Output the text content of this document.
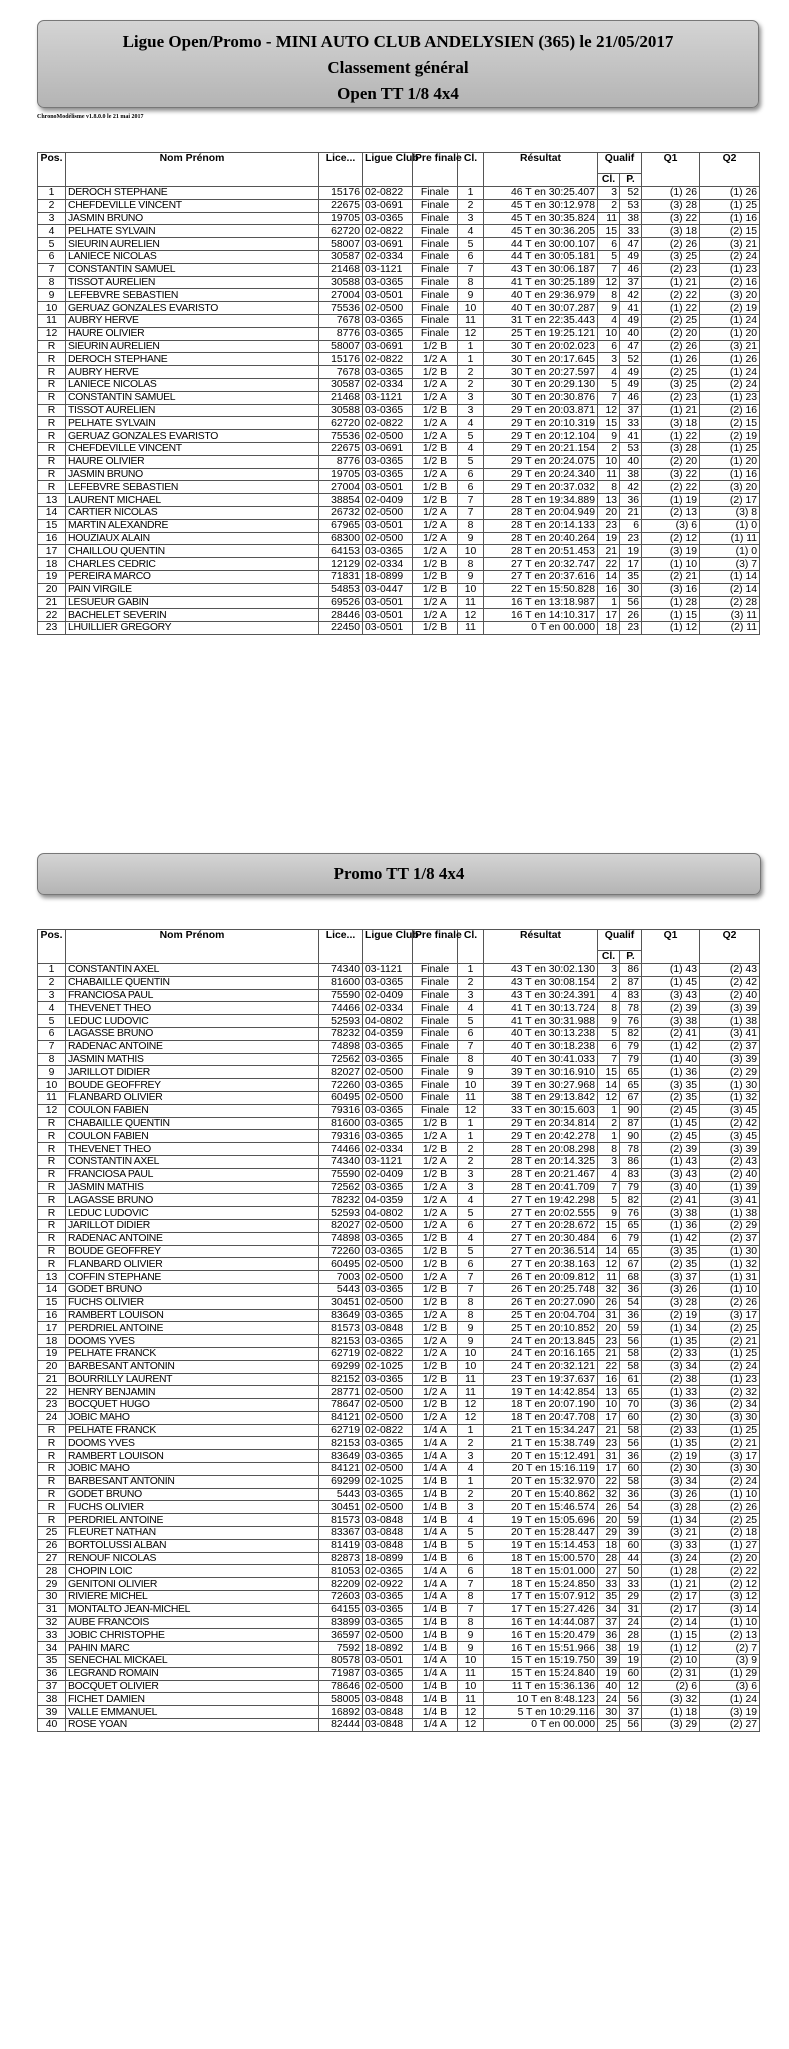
Ligue Open/Promo - MINI AUTO CLUB ANDELYSIEN (365) le 21/05/2017
Classement général
Open TT 1/8 4x4
ChronoModélisme v1.8.0.0 le 21 mai 2017
Pos.	Nom Prénom	Lice...	Ligue Club	Pre finale	Cl.	Résultat	Qualif		Q1	Q2
							Cl.	P.		
1	DEROCH STEPHANE	15176	02-0822	Finale	1	46 T en 30:25.407	3	52	(1) 26	(1) 26
2	CHEFDEVILLE VINCENT	22675	03-0691	Finale	2	45 T en 30:12.978	2	53	(3) 28	(1) 25
3	JASMIN BRUNO	19705	03-0365	Finale	3	45 T en 30:35.824	11	38	(3) 22	(1) 16
4	PELHATE SYLVAIN	62720	02-0822	Finale	4	45 T en 30:36.205	15	33	(3) 18	(2) 15
5	SIEURIN AURELIEN	58007	03-0691	Finale	5	44 T en 30:00.107	6	47	(2) 26	(3) 21
6	LANIECE NICOLAS	30587	02-0334	Finale	6	44 T en 30:05.181	5	49	(3) 25	(2) 24
7	CONSTANTIN SAMUEL	21468	03-1121	Finale	7	43 T en 30:06.187	7	46	(2) 23	(1) 23
8	TISSOT AURELIEN	30588	03-0365	Finale	8	41 T en 30:25.189	12	37	(1) 21	(2) 16
9	LEFEBVRE SEBASTIEN	27004	03-0501	Finale	9	40 T en 29:36.979	8	42	(2) 22	(3) 20
10	GERUAZ GONZALES EVARISTO	75536	02-0500	Finale	10	40 T en 30:07.287	9	41	(1) 22	(2) 19
11	AUBRY HERVE	7678	03-0365	Finale	11	31 T en 22:35.443	4	49	(2) 25	(1) 24
12	HAURE OLIVIER	8776	03-0365	Finale	12	25 T en 19:25.121	10	40	(2) 20	(1) 20
R	SIEURIN AURELIEN	58007	03-0691	1/2 B	1	30 T en 20:02.023	6	47	(2) 26	(3) 21
R	DEROCH STEPHANE	15176	02-0822	1/2 A	1	30 T en 20:17.645	3	52	(1) 26	(1) 26
R	AUBRY HERVE	7678	03-0365	1/2 B	2	30 T en 20:27.597	4	49	(2) 25	(1) 24
R	LANIECE NICOLAS	30587	02-0334	1/2 A	2	30 T en 20:29.130	5	49	(3) 25	(2) 24
R	CONSTANTIN SAMUEL	21468	03-1121	1/2 A	3	30 T en 20:30.876	7	46	(2) 23	(1) 23
R	TISSOT AURELIEN	30588	03-0365	1/2 B	3	29 T en 20:03.871	12	37	(1) 21	(2) 16
R	PELHATE SYLVAIN	62720	02-0822	1/2 A	4	29 T en 20:10.319	15	33	(3) 18	(2) 15
R	GERUAZ GONZALES EVARISTO	75536	02-0500	1/2 A	5	29 T en 20:12.104	9	41	(1) 22	(2) 19
R	CHEFDEVILLE VINCENT	22675	03-0691	1/2 B	4	29 T en 20:21.154	2	53	(3) 28	(1) 25
R	HAURE OLIVIER	8776	03-0365	1/2 B	5	29 T en 20:24.075	10	40	(2) 20	(1) 20
R	JASMIN BRUNO	19705	03-0365	1/2 A	6	29 T en 20:24.340	11	38	(3) 22	(1) 16
R	LEFEBVRE SEBASTIEN	27004	03-0501	1/2 B	6	29 T en 20:37.032	8	42	(2) 22	(3) 20
13	LAURENT MICHAEL	38854	02-0409	1/2 B	7	28 T en 19:34.889	13	36	(1) 19	(2) 17
14	CARTIER NICOLAS	26732	02-0500	1/2 A	7	28 T en 20:04.949	20	21	(2) 13	(3) 8
15	MARTIN ALEXANDRE	67965	03-0501	1/2 A	8	28 T en 20:14.133	23	6	(3) 6	(1) 0
16	HOUZIAUX ALAIN	68300	02-0500	1/2 A	9	28 T en 20:40.264	19	23	(2) 12	(1) 11
17	CHAILLOU QUENTIN	64153	03-0365	1/2 A	10	28 T en 20:51.453	21	19	(3) 19	(1) 0
18	CHARLES CEDRIC	12129	02-0334	1/2 B	8	27 T en 20:32.747	22	17	(1) 10	(3) 7
19	PEREIRA MARCO	71831	18-0899	1/2 B	9	27 T en 20:37.616	14	35	(2) 21	(1) 14
20	PAIN VIRGILE	54853	03-0447	1/2 B	10	22 T en 15:50.828	16	30	(3) 16	(2) 14
21	LESUEUR GABIN	69526	03-0501	1/2 A	11	16 T en 13:18.987	1	56	(1) 28	(2) 28
22	BACHELET SEVERIN	28446	03-0501	1/2 A	12	16 T en 14:10.317	17	26	(1) 15	(3) 11
23	LHUILLIER GREGORY	22450	03-0501	1/2 B	11	0 T en 00.000	18	23	(1) 12	(2) 11
Promo TT 1/8 4x4
Pos.	Nom Prénom	Lice...	Ligue Club	Pre finale	Cl.	Résultat	Qualif		Q1	Q2
							Cl.	P.		
1	CONSTANTIN AXEL	74340	03-1121	Finale	1	43 T en 30:02.130	3	86	(1) 43	(2) 43
2	CHABAILLE QUENTIN	81600	03-0365	Finale	2	43 T en 30:08.154	2	87	(1) 45	(2) 42
3	FRANCIOSA PAUL	75590	02-0409	Finale	3	43 T en 30:24.391	4	83	(3) 43	(2) 40
4	THEVENET THEO	74466	02-0334	Finale	4	41 T en 30:13.724	8	78	(2) 39	(3) 39
5	LEDUC LUDOVIC	52593	04-0802	Finale	5	41 T en 30:31.988	9	76	(3) 38	(1) 38
6	LAGASSE BRUNO	78232	04-0359	Finale	6	40 T en 30:13.238	5	82	(2) 41	(3) 41
7	RADENAC ANTOINE	74898	03-0365	Finale	7	40 T en 30:18.238	6	79	(1) 42	(2) 37
8	JASMIN MATHIS	72562	03-0365	Finale	8	40 T en 30:41.033	7	79	(1) 40	(3) 39
9	JARILLOT DIDIER	82027	02-0500	Finale	9	39 T en 30:16.910	15	65	(1) 36	(2) 29
10	BOUDE GEOFFREY	72260	03-0365	Finale	10	39 T en 30:27.968	14	65	(3) 35	(1) 30
11	FLANBARD OLIVIER	60495	02-0500	Finale	11	38 T en 29:13.842	12	67	(2) 35	(1) 32
12	COULON FABIEN	79316	03-0365	Finale	12	33 T en 30:15.603	1	90	(2) 45	(3) 45
R	CHABAILLE QUENTIN	81600	03-0365	1/2 B	1	29 T en 20:34.814	2	87	(1) 45	(2) 42
R	COULON FABIEN	79316	03-0365	1/2 A	1	29 T en 20:42.278	1	90	(2) 45	(3) 45
R	THEVENET THEO	74466	02-0334	1/2 B	2	28 T en 20:08.298	8	78	(2) 39	(3) 39
R	CONSTANTIN AXEL	74340	03-1121	1/2 A	2	28 T en 20:14.325	3	86	(1) 43	(2) 43
R	FRANCIOSA PAUL	75590	02-0409	1/2 B	3	28 T en 20:21.467	4	83	(3) 43	(2) 40
R	JASMIN MATHIS	72562	03-0365	1/2 A	3	28 T en 20:41.709	7	79	(3) 40	(1) 39
R	LAGASSE BRUNO	78232	04-0359	1/2 A	4	27 T en 19:42.298	5	82	(2) 41	(3) 41
R	LEDUC LUDOVIC	52593	04-0802	1/2 A	5	27 T en 20:02.555	9	76	(3) 38	(1) 38
R	JARILLOT DIDIER	82027	02-0500	1/2 A	6	27 T en 20:28.672	15	65	(1) 36	(2) 29
R	RADENAC ANTOINE	74898	03-0365	1/2 B	4	27 T en 20:30.484	6	79	(1) 42	(2) 37
R	BOUDE GEOFFREY	72260	03-0365	1/2 B	5	27 T en 20:36.514	14	65	(3) 35	(1) 30
R	FLANBARD OLIVIER	60495	02-0500	1/2 B	6	27 T en 20:38.163	12	67	(2) 35	(1) 32
13	COFFIN STEPHANE	7003	02-0500	1/2 A	7	26 T en 20:09.812	11	68	(3) 37	(1) 31
14	GODET BRUNO	5443	03-0365	1/2 B	7	26 T en 20:25.748	32	36	(3) 26	(1) 10
15	FUCHS OLIVIER	30451	02-0500	1/2 B	8	26 T en 20:27.090	26	54	(3) 28	(2) 26
16	RAMBERT LOUISON	83649	03-0365	1/2 A	8	25 T en 20:04.704	31	36	(2) 19	(3) 17
17	PERDRIEL ANTOINE	81573	03-0848	1/2 B	9	25 T en 20:10.852	20	59	(1) 34	(2) 25
18	DOOMS YVES	82153	03-0365	1/2 A	9	24 T en 20:13.845	23	56	(1) 35	(2) 21
19	PELHATE FRANCK	62719	02-0822	1/2 A	10	24 T en 20:16.165	21	58	(2) 33	(1) 25
20	BARBESANT ANTONIN	69299	02-1025	1/2 B	10	24 T en 20:32.121	22	58	(3) 34	(2) 24
21	BOURRILLY LAURENT	82152	03-0365	1/2 B	11	23 T en 19:37.637	16	61	(2) 38	(1) 23
22	HENRY BENJAMIN	28771	02-0500	1/2 A	11	19 T en 14:42.854	13	65	(1) 33	(2) 32
23	BOCQUET HUGO	78647	02-0500	1/2 B	12	18 T en 20:07.190	10	70	(3) 36	(2) 34
24	JOBIC MAHO	84121	02-0500	1/2 A	12	18 T en 20:47.708	17	60	(2) 30	(3) 30
R	PELHATE FRANCK	62719	02-0822	1/4 A	1	21 T en 15:34.247	21	58	(2) 33	(1) 25
R	DOOMS YVES	82153	03-0365	1/4 A	2	21 T en 15:38.749	23	56	(1) 35	(2) 21
R	RAMBERT LOUISON	83649	03-0365	1/4 A	3	20 T en 15:12.491	31	36	(2) 19	(3) 17
R	JOBIC MAHO	84121	02-0500	1/4 A	4	20 T en 15:16.119	17	60	(2) 30	(3) 30
R	BARBESANT ANTONIN	69299	02-1025	1/4 B	1	20 T en 15:32.970	22	58	(3) 34	(2) 24
R	GODET BRUNO	5443	03-0365	1/4 B	2	20 T en 15:40.862	32	36	(3) 26	(1) 10
R	FUCHS OLIVIER	30451	02-0500	1/4 B	3	20 T en 15:46.574	26	54	(3) 28	(2) 26
R	PERDRIEL ANTOINE	81573	03-0848	1/4 B	4	19 T en 15:05.696	20	59	(1) 34	(2) 25
25	FLEURET NATHAN	83367	03-0848	1/4 A	5	20 T en 15:28.447	29	39	(3) 21	(2) 18
26	BORTOLUSSI ALBAN	81419	03-0848	1/4 B	5	19 T en 15:14.453	18	60	(3) 33	(1) 27
27	RENOUF NICOLAS	82873	18-0899	1/4 B	6	18 T en 15:00.570	28	44	(3) 24	(2) 20
28	CHOPIN LOIC	81053	02-0365	1/4 A	6	18 T en 15:01.000	27	50	(1) 28	(2) 22
29	GENITONI OLIVIER	82209	02-0922	1/4 A	7	18 T en 15:24.850	33	33	(1) 21	(2) 12
30	RIVIERE MICHEL	72603	03-0365	1/4 A	8	17 T en 15:07.912	35	29	(2) 17	(3) 12
31	MONTALTO JEAN-MICHEL	64155	03-0365	1/4 B	7	17 T en 15:27.426	34	31	(2) 17	(3) 14
32	AUBE FRANCOIS	83899	03-0365	1/4 B	8	16 T en 14:44.087	37	24	(2) 14	(1) 10
33	JOBIC CHRISTOPHE	36597	02-0500	1/4 B	9	16 T en 15:20.479	36	28	(1) 15	(2) 13
34	PAHIN MARC	7592	18-0892	1/4 B	9	16 T en 15:51.966	38	19	(1) 12	(2) 7
35	SENECHAL MICKAEL	80578	03-0501	1/4 A	10	15 T en 15:19.750	39	19	(2) 10	(3) 9
36	LEGRAND ROMAIN	71987	03-0365	1/4 A	11	15 T en 15:24.840	19	60	(2) 31	(1) 29
37	BOCQUET OLIVIER	78646	02-0500	1/4 B	10	11 T en 15:36.136	40	12	(2) 6	(3) 6
38	FICHET DAMIEN	58005	03-0848	1/4 B	11	10 T en 8:48.123	24	56	(3) 32	(1) 24
39	VALLE EMMANUEL	16892	03-0848	1/4 B	12	5 T en 10:29.116	30	37	(1) 18	(3) 19
40	ROSE YOAN	82444	03-0848	1/4 A	12	0 T en 00.000	25	56	(3) 29	(2) 27
